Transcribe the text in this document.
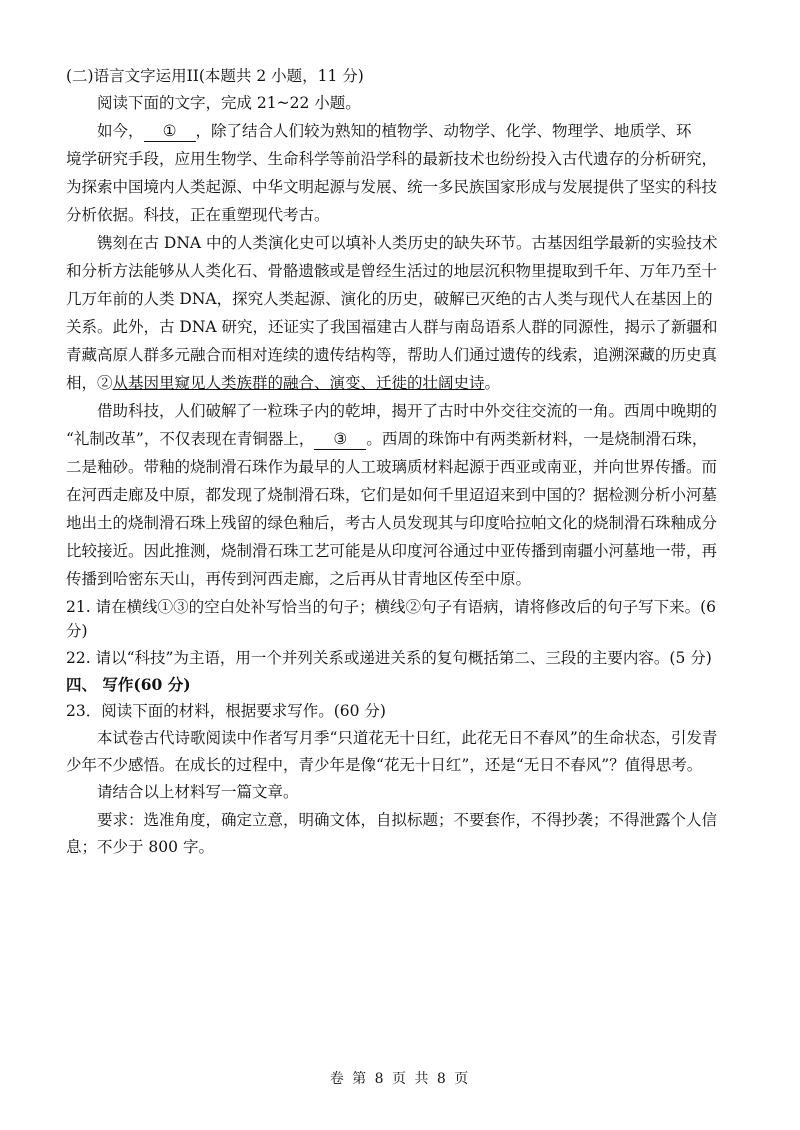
(二)语言文字运用II(本题共 2 小题，11 分)
阅读下面的文字，完成 21~22 小题。
如今， ① ，除了结合人们较为熟知的植物学、动物学、化学、物理学、地质学、环
境学研究手段，应用生物学、生命科学等前沿学科的最新技术也纷纷投入古代遗存的分析研究，
为探索中国境内人类起源、中华文明起源与发展、统一多民族国家形成与发展提供了坚实的科技
分析依据。科技，正在重塑现代考古。
镌刻在古 DNA 中的人类演化史可以填补人类历史的缺失环节。古基因组学最新的实验技术
和分析方法能够从人类化石、骨骼遗骸或是曾经生活过的地层沉积物里提取到千年、万年乃至十
几万年前的人类 DNA，探究人类起源、演化的历史，破解已灭绝的古人类与现代人在基因上的
关系。此外，古 DNA 研究，还证实了我国福建古人群与南岛语系人群的同源性，揭示了新疆和
青藏高原人群多元融合而相对连续的遗传结构等，帮助人们通过遗传的线索，追溯深藏的历史真
相，②从基因里窥见人类族群的融合、演变、迁徙的壮阔史诗。
借助科技，人们破解了一粒珠子内的乾坤，揭开了古时中外交往交流的一角。西周中晚期的
“礼制改革”，不仅表现在青铜器上， ③ 。西周的珠饰中有两类新材料，一是烧制滑石珠，
二是釉砂。带釉的烧制滑石珠作为最早的人工玻璃质材料起源于西亚或南亚，并向世界传播。而
在河西走廊及中原，都发现了烧制滑石珠，它们是如何千里迢迢来到中国的？据检测分析小河墓
地出土的烧制滑石珠上残留的绿色釉后，考古人员发现其与印度哈拉帕文化的烧制滑石珠釉成分
比较接近。因此推测，烧制滑石珠工艺可能是从印度河谷通过中亚传播到南疆小河墓地一带，再
传播到哈密东天山，再传到河西走廊，之后再从甘青地区传至中原。
21. 请在横线①③的空白处补写恰当的句子；横线②句子有语病，请将修改后的句子写下来。(6
分)
22. 请以“科技”为主语，用一个并列关系或递进关系的复句概括第二、三段的主要内容。(5 分)
四、 写作(60 分)
23．阅读下面的材料，根据要求写作。(60 分)
本试卷古代诗歌阅读中作者写月季“只道花无十日红，此花无日不春风”的生命状态，引发青
少年不少感悟。在成长的过程中，青少年是像“花无十日红”，还是“无日不春风”？值得思考。
请结合以上材料写一篇文章。
要求：选准角度，确定立意，明确文体，自拟标题；不要套作，不得抄袭；不得泄露个人信
息；不少于 800 字。
卷 第 8 页 共 8 页
